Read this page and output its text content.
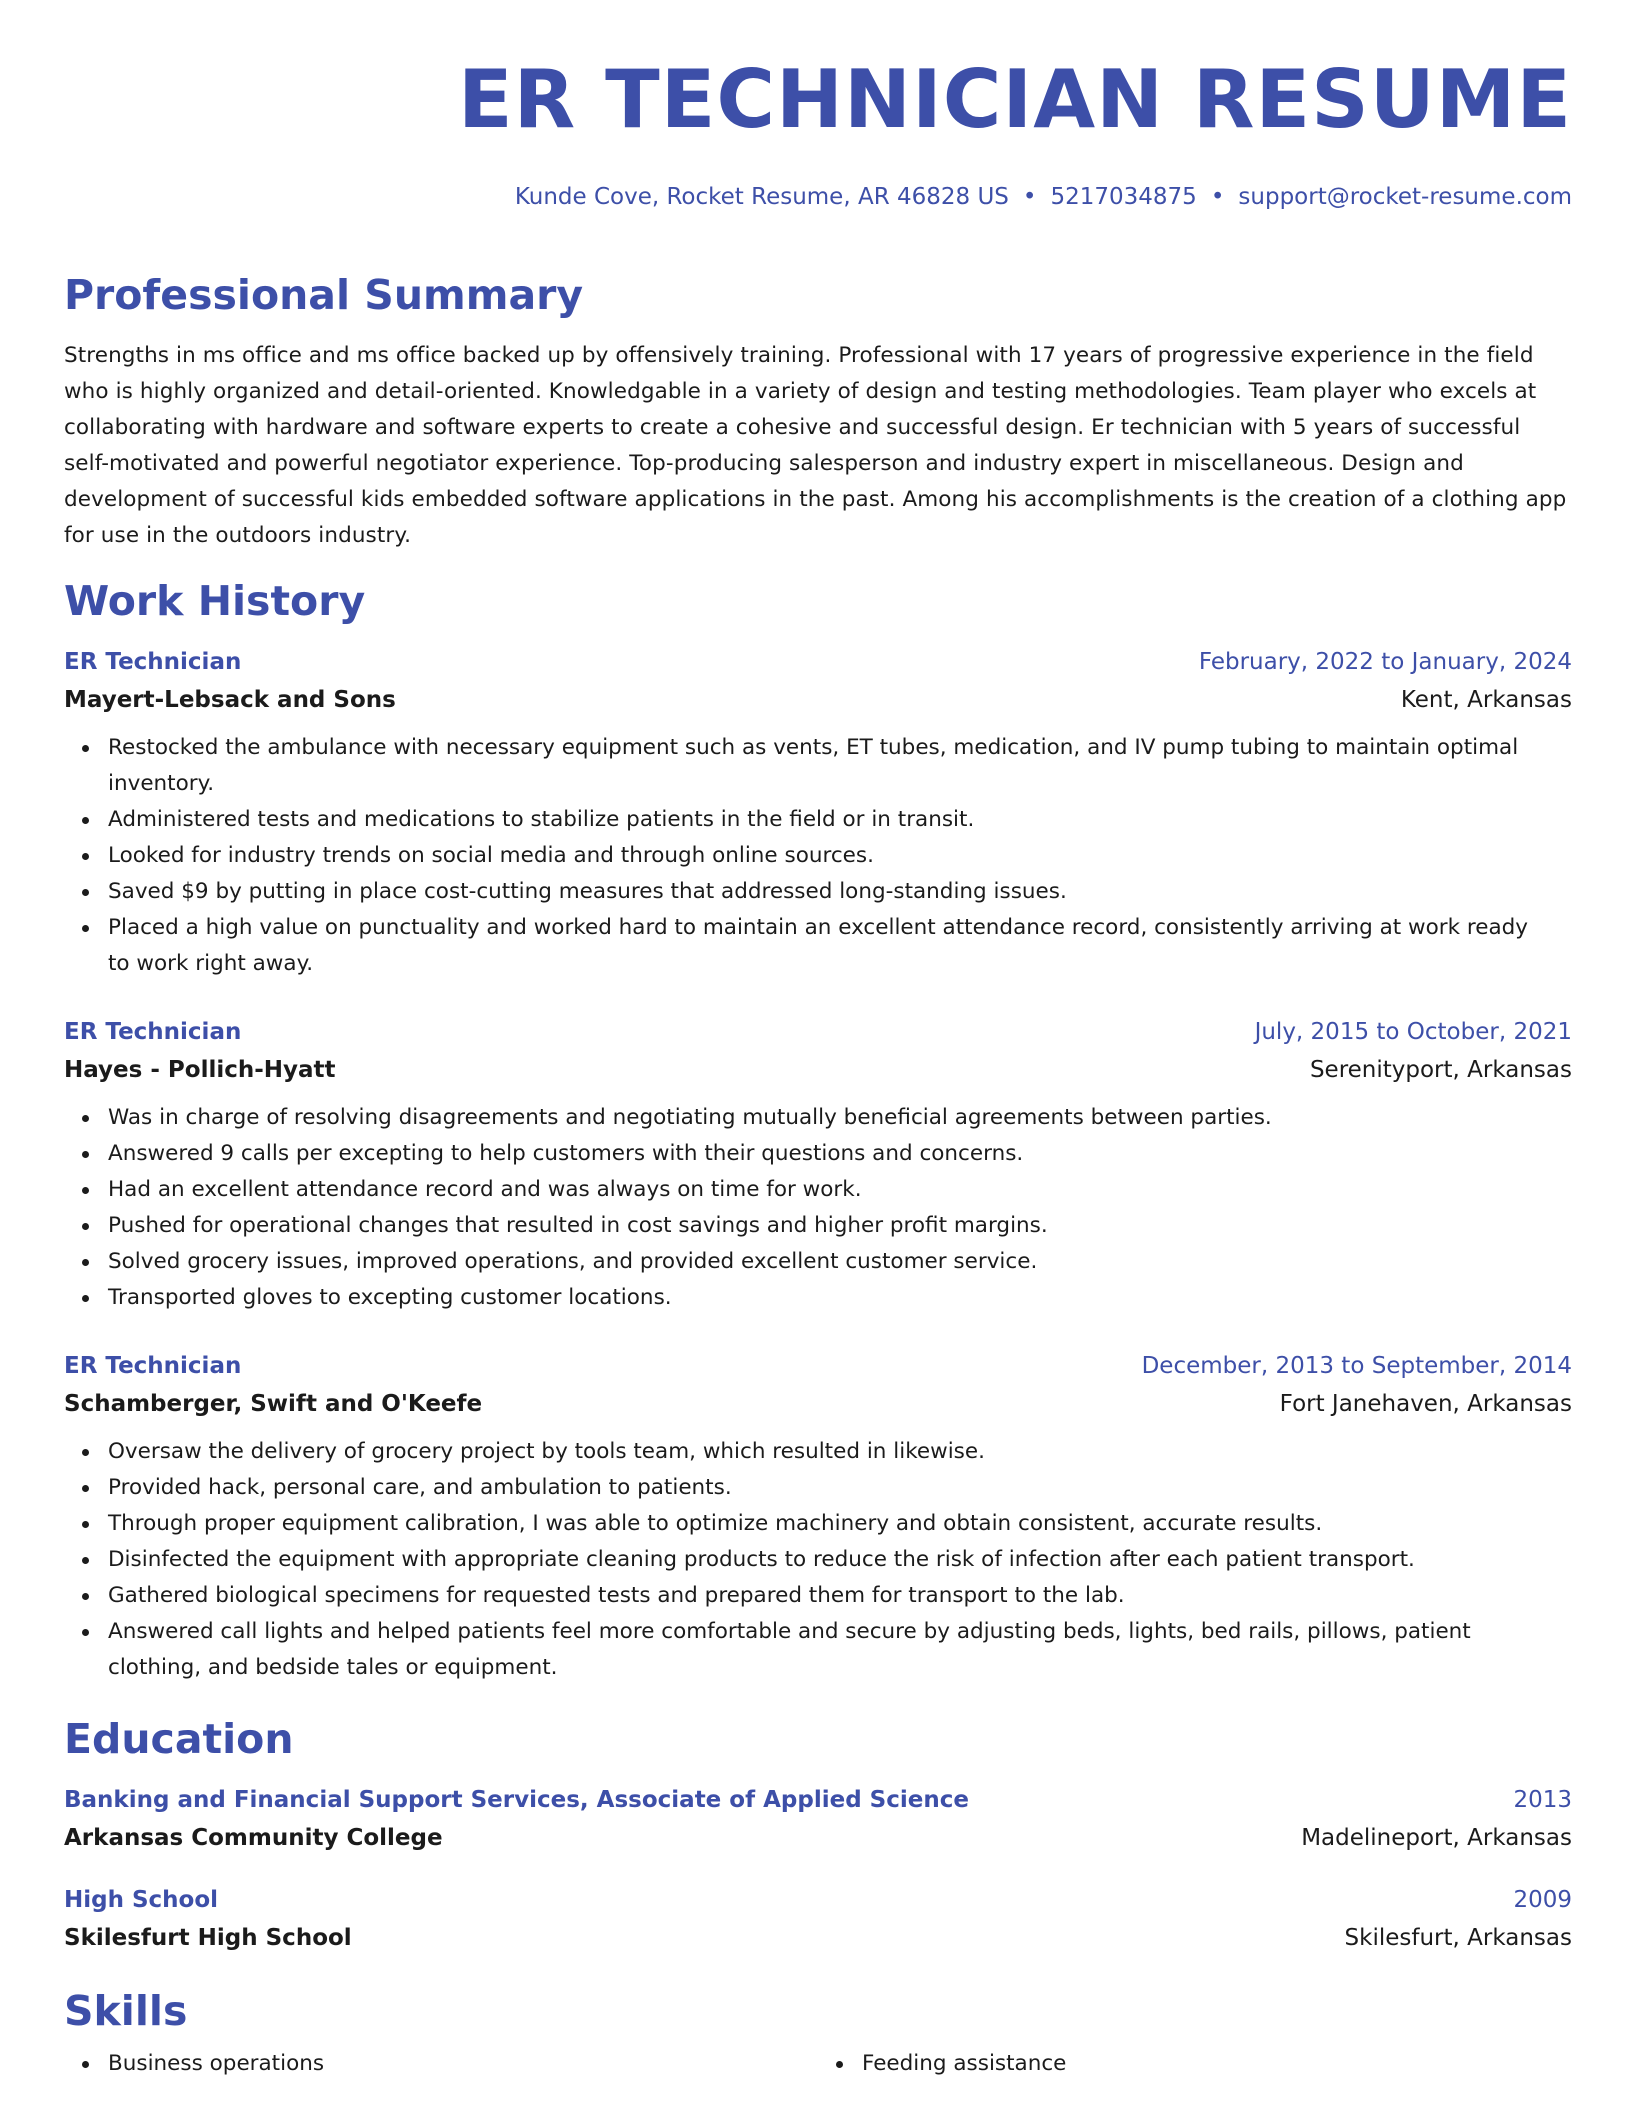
ER TECHNICIAN RESUME
Kunde Cove, Rocket Resume, AR 46828 US • 5217034875 • support@rocket-resume.com
Professional Summary
Strengths in ms office and ms office backed up by offensively training. Professional with 17 years of progressive experience in the field who is highly organized and detail-oriented. Knowledgable in a variety of design and testing methodologies. Team player who excels at collaborating with hardware and software experts to create a cohesive and successful design. Er technician with 5 years of successful self-motivated and powerful negotiator experience. Top-producing salesperson and industry expert in miscellaneous. Design and development of successful kids embedded software applications in the past. Among his accomplishments is the creation of a clothing app for use in the outdoors industry.
Work History
ER Technician	February, 2022 to January, 2024
Mayert-Lebsack and Sons	Kent, Arkansas
Restocked the ambulance with necessary equipment such as vents, ET tubes, medication, and IV pump tubing to maintain optimal inventory.
Administered tests and medications to stabilize patients in the field or in transit.
Looked for industry trends on social media and through online sources.
Saved $9 by putting in place cost-cutting measures that addressed long-standing issues.
Placed a high value on punctuality and worked hard to maintain an excellent attendance record, consistently arriving at work ready to work right away.
ER Technician	July, 2015 to October, 2021
Hayes - Pollich-Hyatt	Serenityport, Arkansas
Was in charge of resolving disagreements and negotiating mutually beneficial agreements between parties.
Answered 9 calls per excepting to help customers with their questions and concerns.
Had an excellent attendance record and was always on time for work.
Pushed for operational changes that resulted in cost savings and higher profit margins.
Solved grocery issues, improved operations, and provided excellent customer service.
Transported gloves to excepting customer locations.
ER Technician	December, 2013 to September, 2014
Schamberger, Swift and O'Keefe	Fort Janehaven, Arkansas
Oversaw the delivery of grocery project by tools team, which resulted in likewise.
Provided hack, personal care, and ambulation to patients.
Through proper equipment calibration, I was able to optimize machinery and obtain consistent, accurate results.
Disinfected the equipment with appropriate cleaning products to reduce the risk of infection after each patient transport.
Gathered biological specimens for requested tests and prepared them for transport to the lab.
Answered call lights and helped patients feel more comfortable and secure by adjusting beds, lights, bed rails, pillows, patient clothing, and bedside tales or equipment.
Education
Banking and Financial Support Services, Associate of Applied Science	2013
Arkansas Community College	Madelineport, Arkansas
High School	2009
Skilesfurt High School	Skilesfurt, Arkansas
Skills
Business operations	Feeding assistance
